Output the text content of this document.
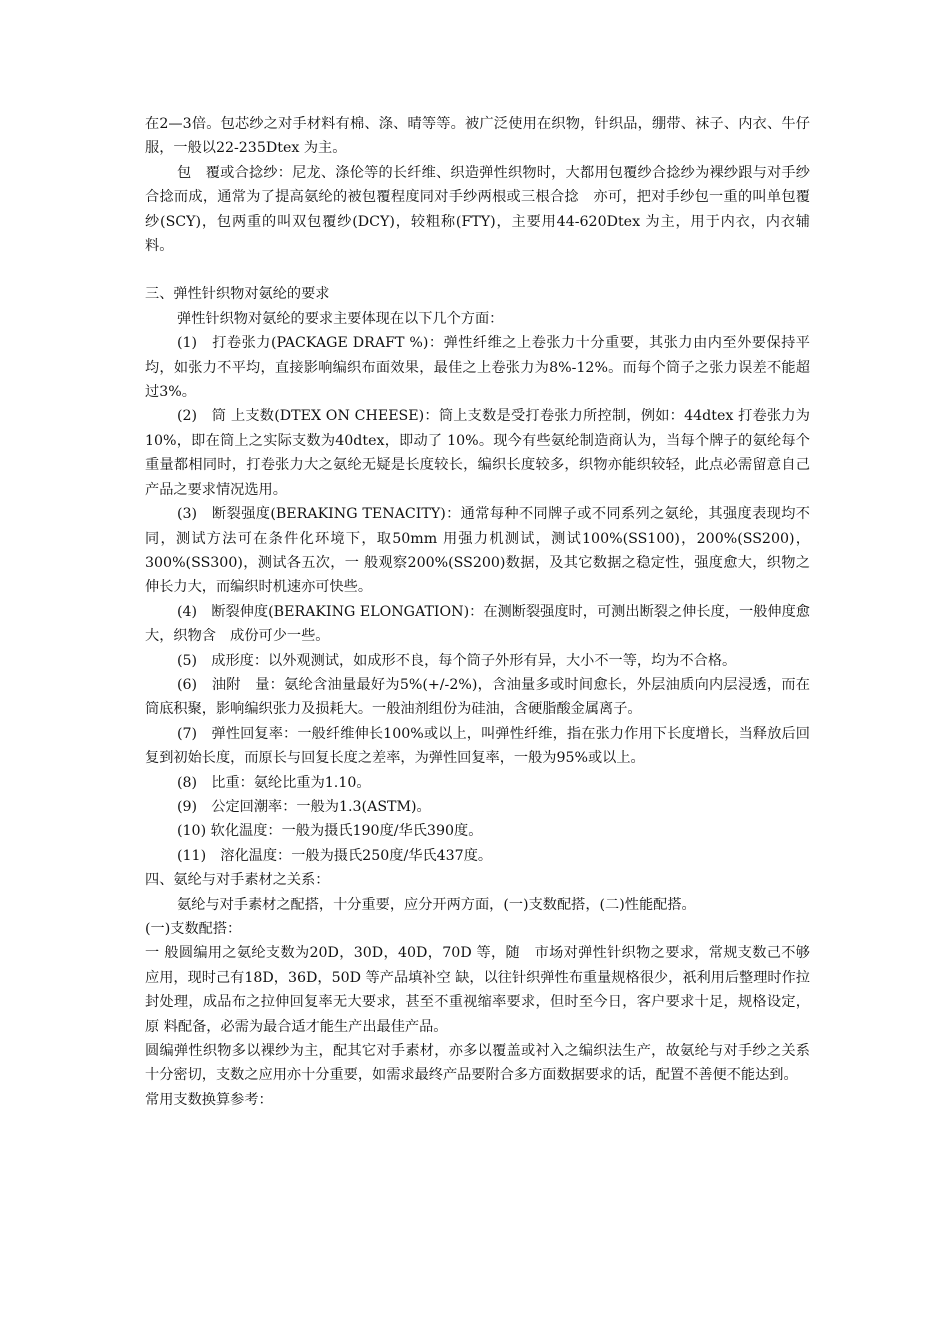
在2—3倍。包芯纱之对手材料有棉、涤、晴等等。被广泛使用在织物，针织品，绷带、袜子、内衣、牛仔服，一般以22-235Dtex 为主。

包　覆或合捻纱：尼龙、涤伦等的长纤维、织造弹性织物时，大都用包覆纱合捻纱为裸纱跟与对手纱合捻而成，通常为了提高氨纶的被包覆程度同对手纱两根或三根合捻　亦可，把对手纱包一重的叫单包覆纱(SCY)，包两重的叫双包覆纱(DCY)，较粗称(FTY)，主要用44-620Dtex 为主，用于内衣，内衣辅料。

三、弹性针织物对氨纶的要求

弹性针织物对氨纶的要求主要体现在以下几个方面：

(1)　打卷张力(PACKAGE DRAFT %)：弹性纤维之上卷张力十分重要，其张力由内至外要保持平均，如张力不平均，直接影响编织布面效果，最佳之上卷张力为8%-12%。而每个筒子之张力误差不能超过3%。

(2)　筒 上支数(DTEX ON CHEESE)：筒上支数是受打卷张力所控制，例如：44dtex 打卷张力为10%，即在筒上之实际支数为40dtex，即动了 10%。现今有些氨纶制造商认为，当每个牌子的氨纶每个重量都相同时，打卷张力大之氨纶无疑是长度较长，编织长度较多，织物亦能织较轻，此点必需留意自己 产品之要求情况选用。

(3)　断裂强度(BERAKING TENACITY)：通常每种不同牌子或不同系列之氨纶，其强度表现均不 同，测试方法可在条件化环境下，取50mm 用强力机测试，测试100%(SS100)，200%(SS200)，300%(SS300)，测试各五次，一 般观察200%(SS200)数据，及其它数据之稳定性，强度愈大，织物之伸长力大，而编织时机速亦可快些。

(4)　断裂伸度(BERAKING ELONGATION)：在测断裂强度时，可测出断裂之伸长度，一般伸度愈大，织物含　成份可少一些。

(5)　成形度：以外观测试，如成形不良，每个筒子外形有异，大小不一等，均为不合格。

(6)　油附　量：氨纶含油量最好为5%(+/-2%)，含油量多或时间愈长，外层油质向内层浸透，而在筒底积聚，影响编织张力及损耗大。一般油剂组份为硅油，含硬脂酸金属离子。

(7)　弹性回复率：一般纤维伸长100%或以上，叫弹性纤维，指在张力作用下长度增长，当释放后回复到初始长度，而原长与回复长度之差率，为弹性回复率，一般为95%或以上。

(8)　比重：氨纶比重为1.10。

(9)　公定回潮率：一般为1.3(ASTM)。

(10) 软化温度：一般为摄氏190度/华氏390度。

(11)　溶化温度：一般为摄氏250度/华氏437度。

四、氨纶与对手素材之关系：

氨纶与对手素材之配搭，十分重要，应分开两方面，(一)支数配搭，(二)性能配搭。

(一)支数配搭：

一 般圆编用之氨纶支数为20D，30D，40D，70D 等，随　市场对弹性针织物之要求，常规支数己不够应用，现时己有18D，36D，50D 等产品填补空 缺，以往针织弹性布重量规格很少，祇利用后整理时作拉封处理，成品布之拉伸回复率无大要求，甚至不重视缩率要求，但时至今日，客户要求十足，规格设定，原 料配备，必需为最合适才能生产出最佳产品。

圆编弹性织物多以裸纱为主，配其它对手素材，亦多以覆盖或衬入之编织法生产，故氨纶与对手纱之关系十分密切，支数之应用亦十分重要，如需求最终产品要附合多方面数据要求的话，配置不善便不能达到。

常用支数换算参考：
